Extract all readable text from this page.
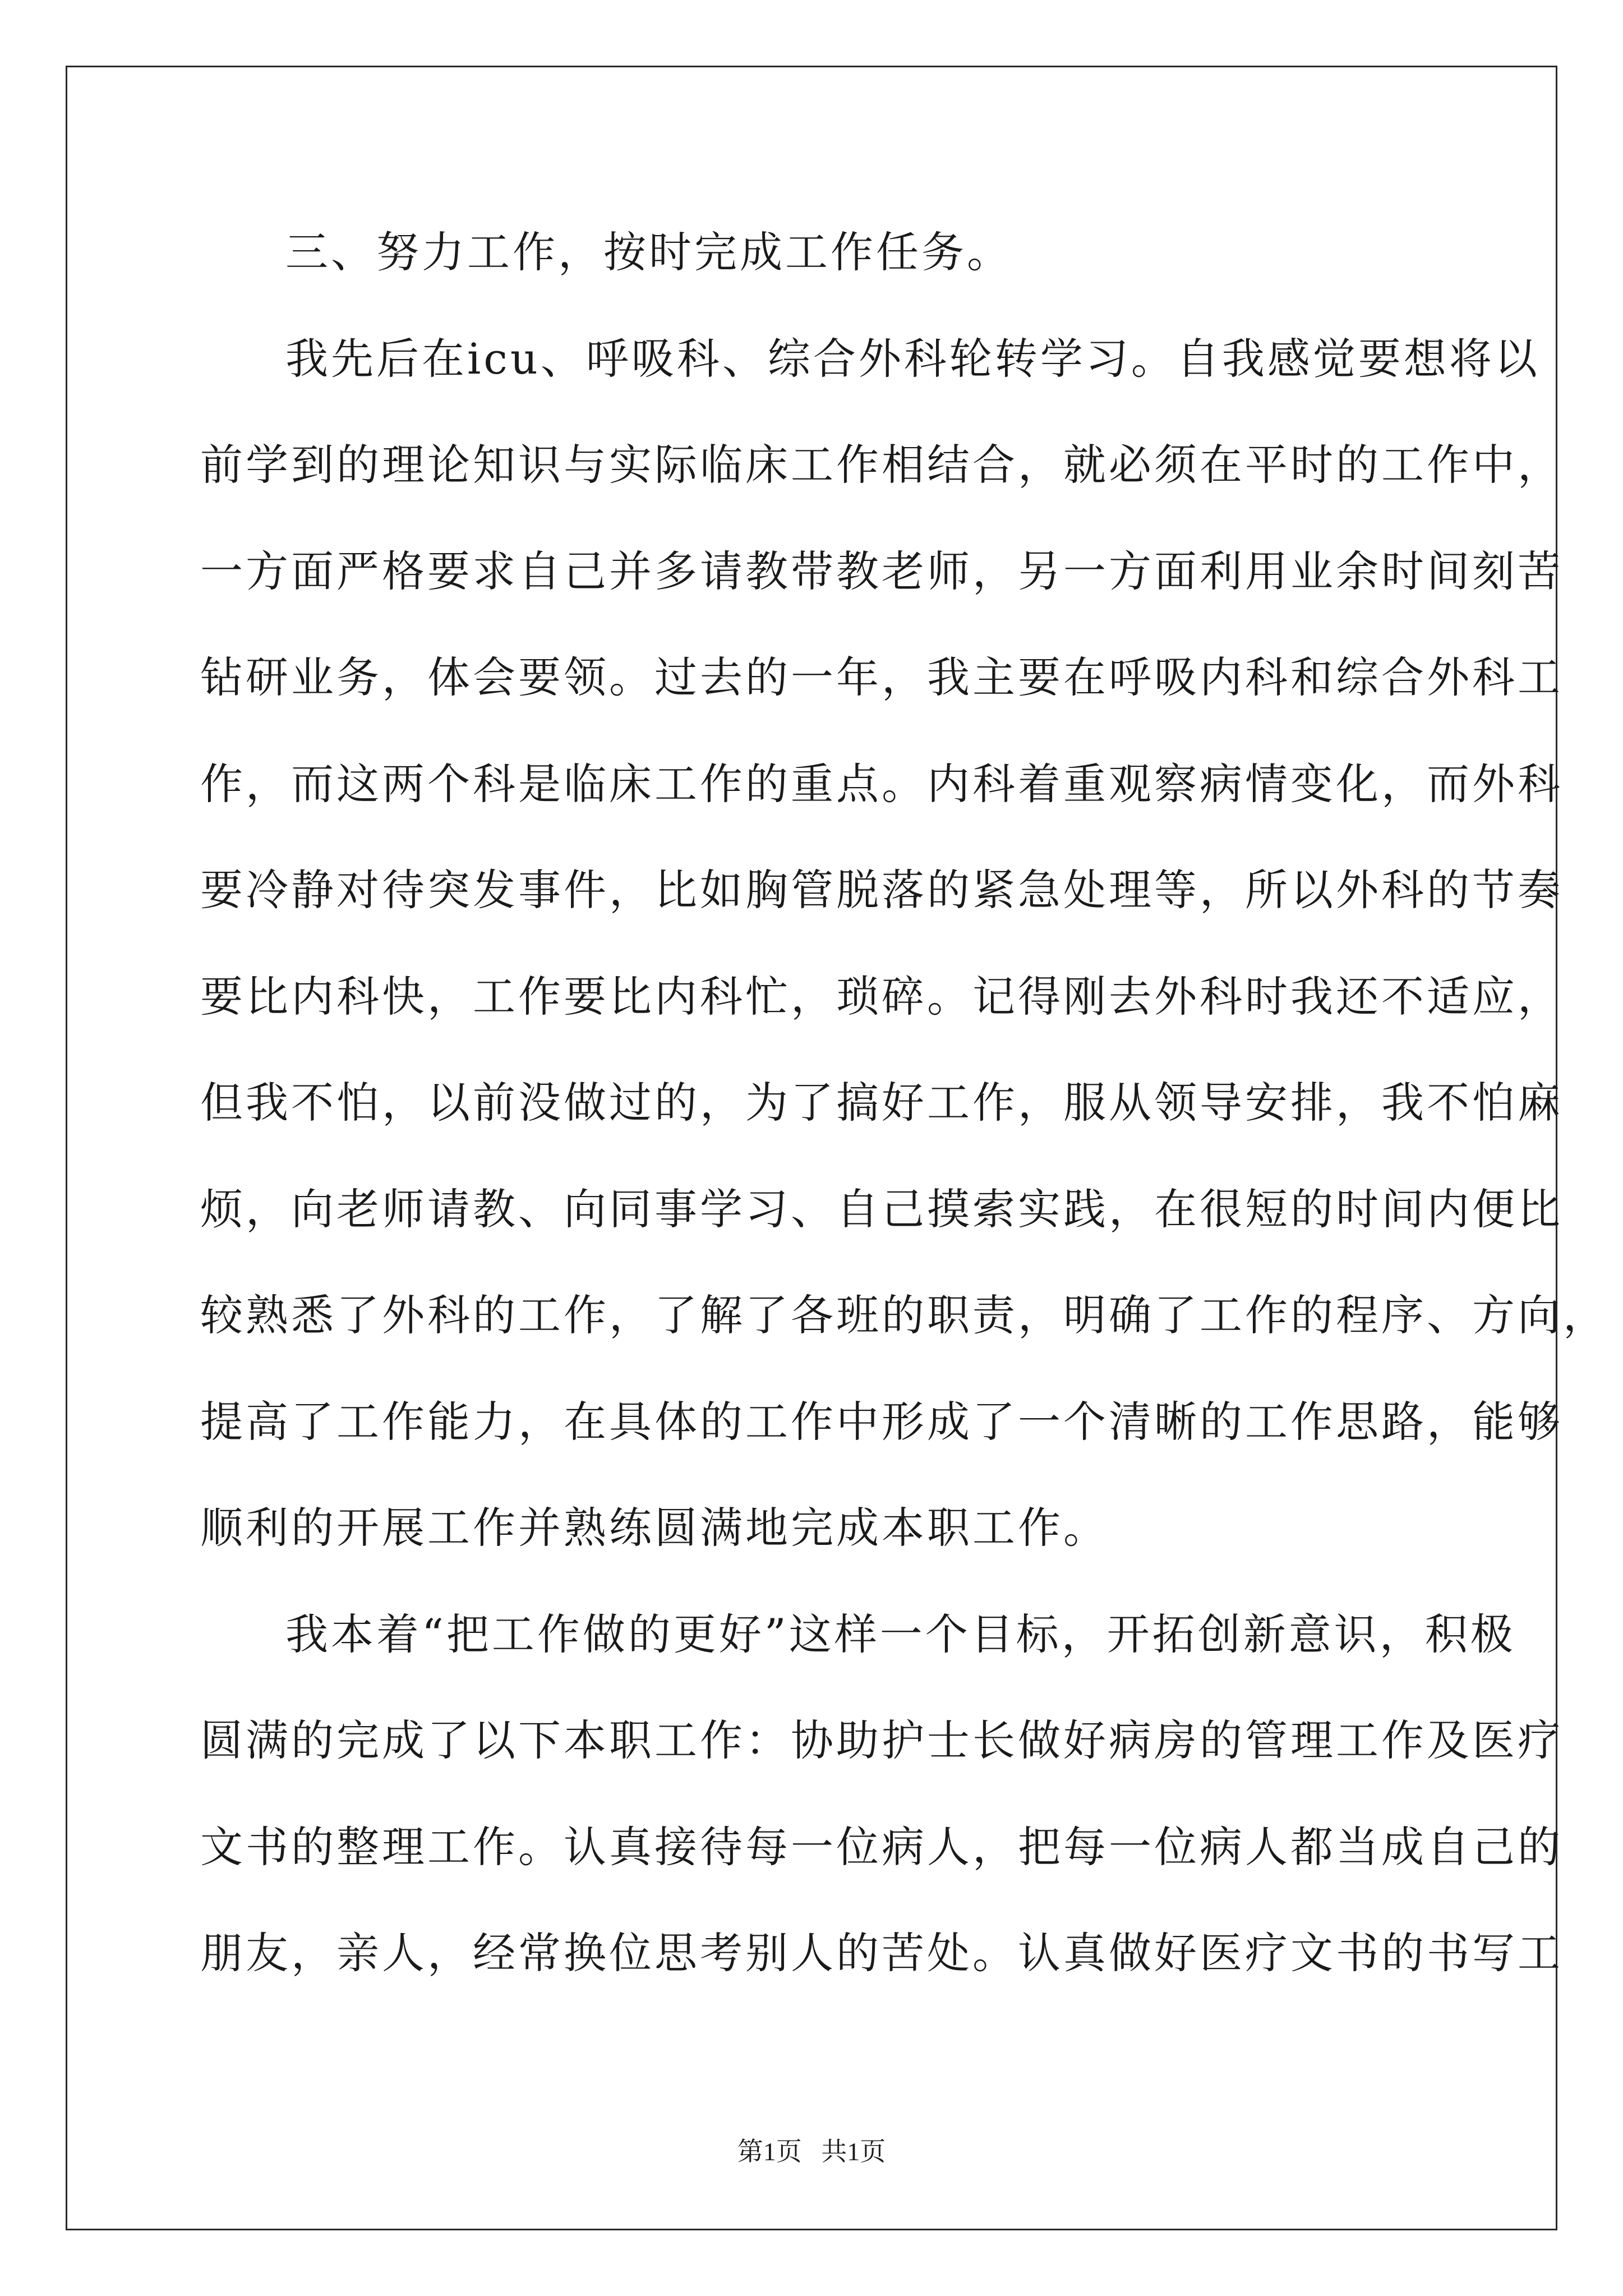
三、努力工作，按时完成工作任务。
我先后在icu、呼吸科、综合外科轮转学习。自我感觉要想将以
前学到的理论知识与实际临床工作相结合，就必须在平时的工作中，
一方面严格要求自己并多请教带教老师，另一方面利用业余时间刻苦
钻研业务，体会要领。过去的一年，我主要在呼吸内科和综合外科工
作，而这两个科是临床工作的重点。内科着重观察病情变化，而外科
要冷静对待突发事件，比如胸管脱落的紧急处理等，所以外科的节奏
要比内科快，工作要比内科忙，琐碎。记得刚去外科时我还不适应，
但我不怕，以前没做过的，为了搞好工作，服从领导安排，我不怕麻
烦，向老师请教、向同事学习、自己摸索实践，在很短的时间内便比
较熟悉了外科的工作，了解了各班的职责，明确了工作的程序、方向，
提高了工作能力，在具体的工作中形成了一个清晰的工作思路，能够
顺利的开展工作并熟练圆满地完成本职工作。
我本着“把工作做的更好”这样一个目标，开拓创新意识，积极
圆满的完成了以下本职工作：协助护士长做好病房的管理工作及医疗
文书的整理工作。认真接待每一位病人，把每一位病人都当成自己的
朋友，亲人，经常换位思考别人的苦处。认真做好医疗文书的书写工
第1页   共1页
